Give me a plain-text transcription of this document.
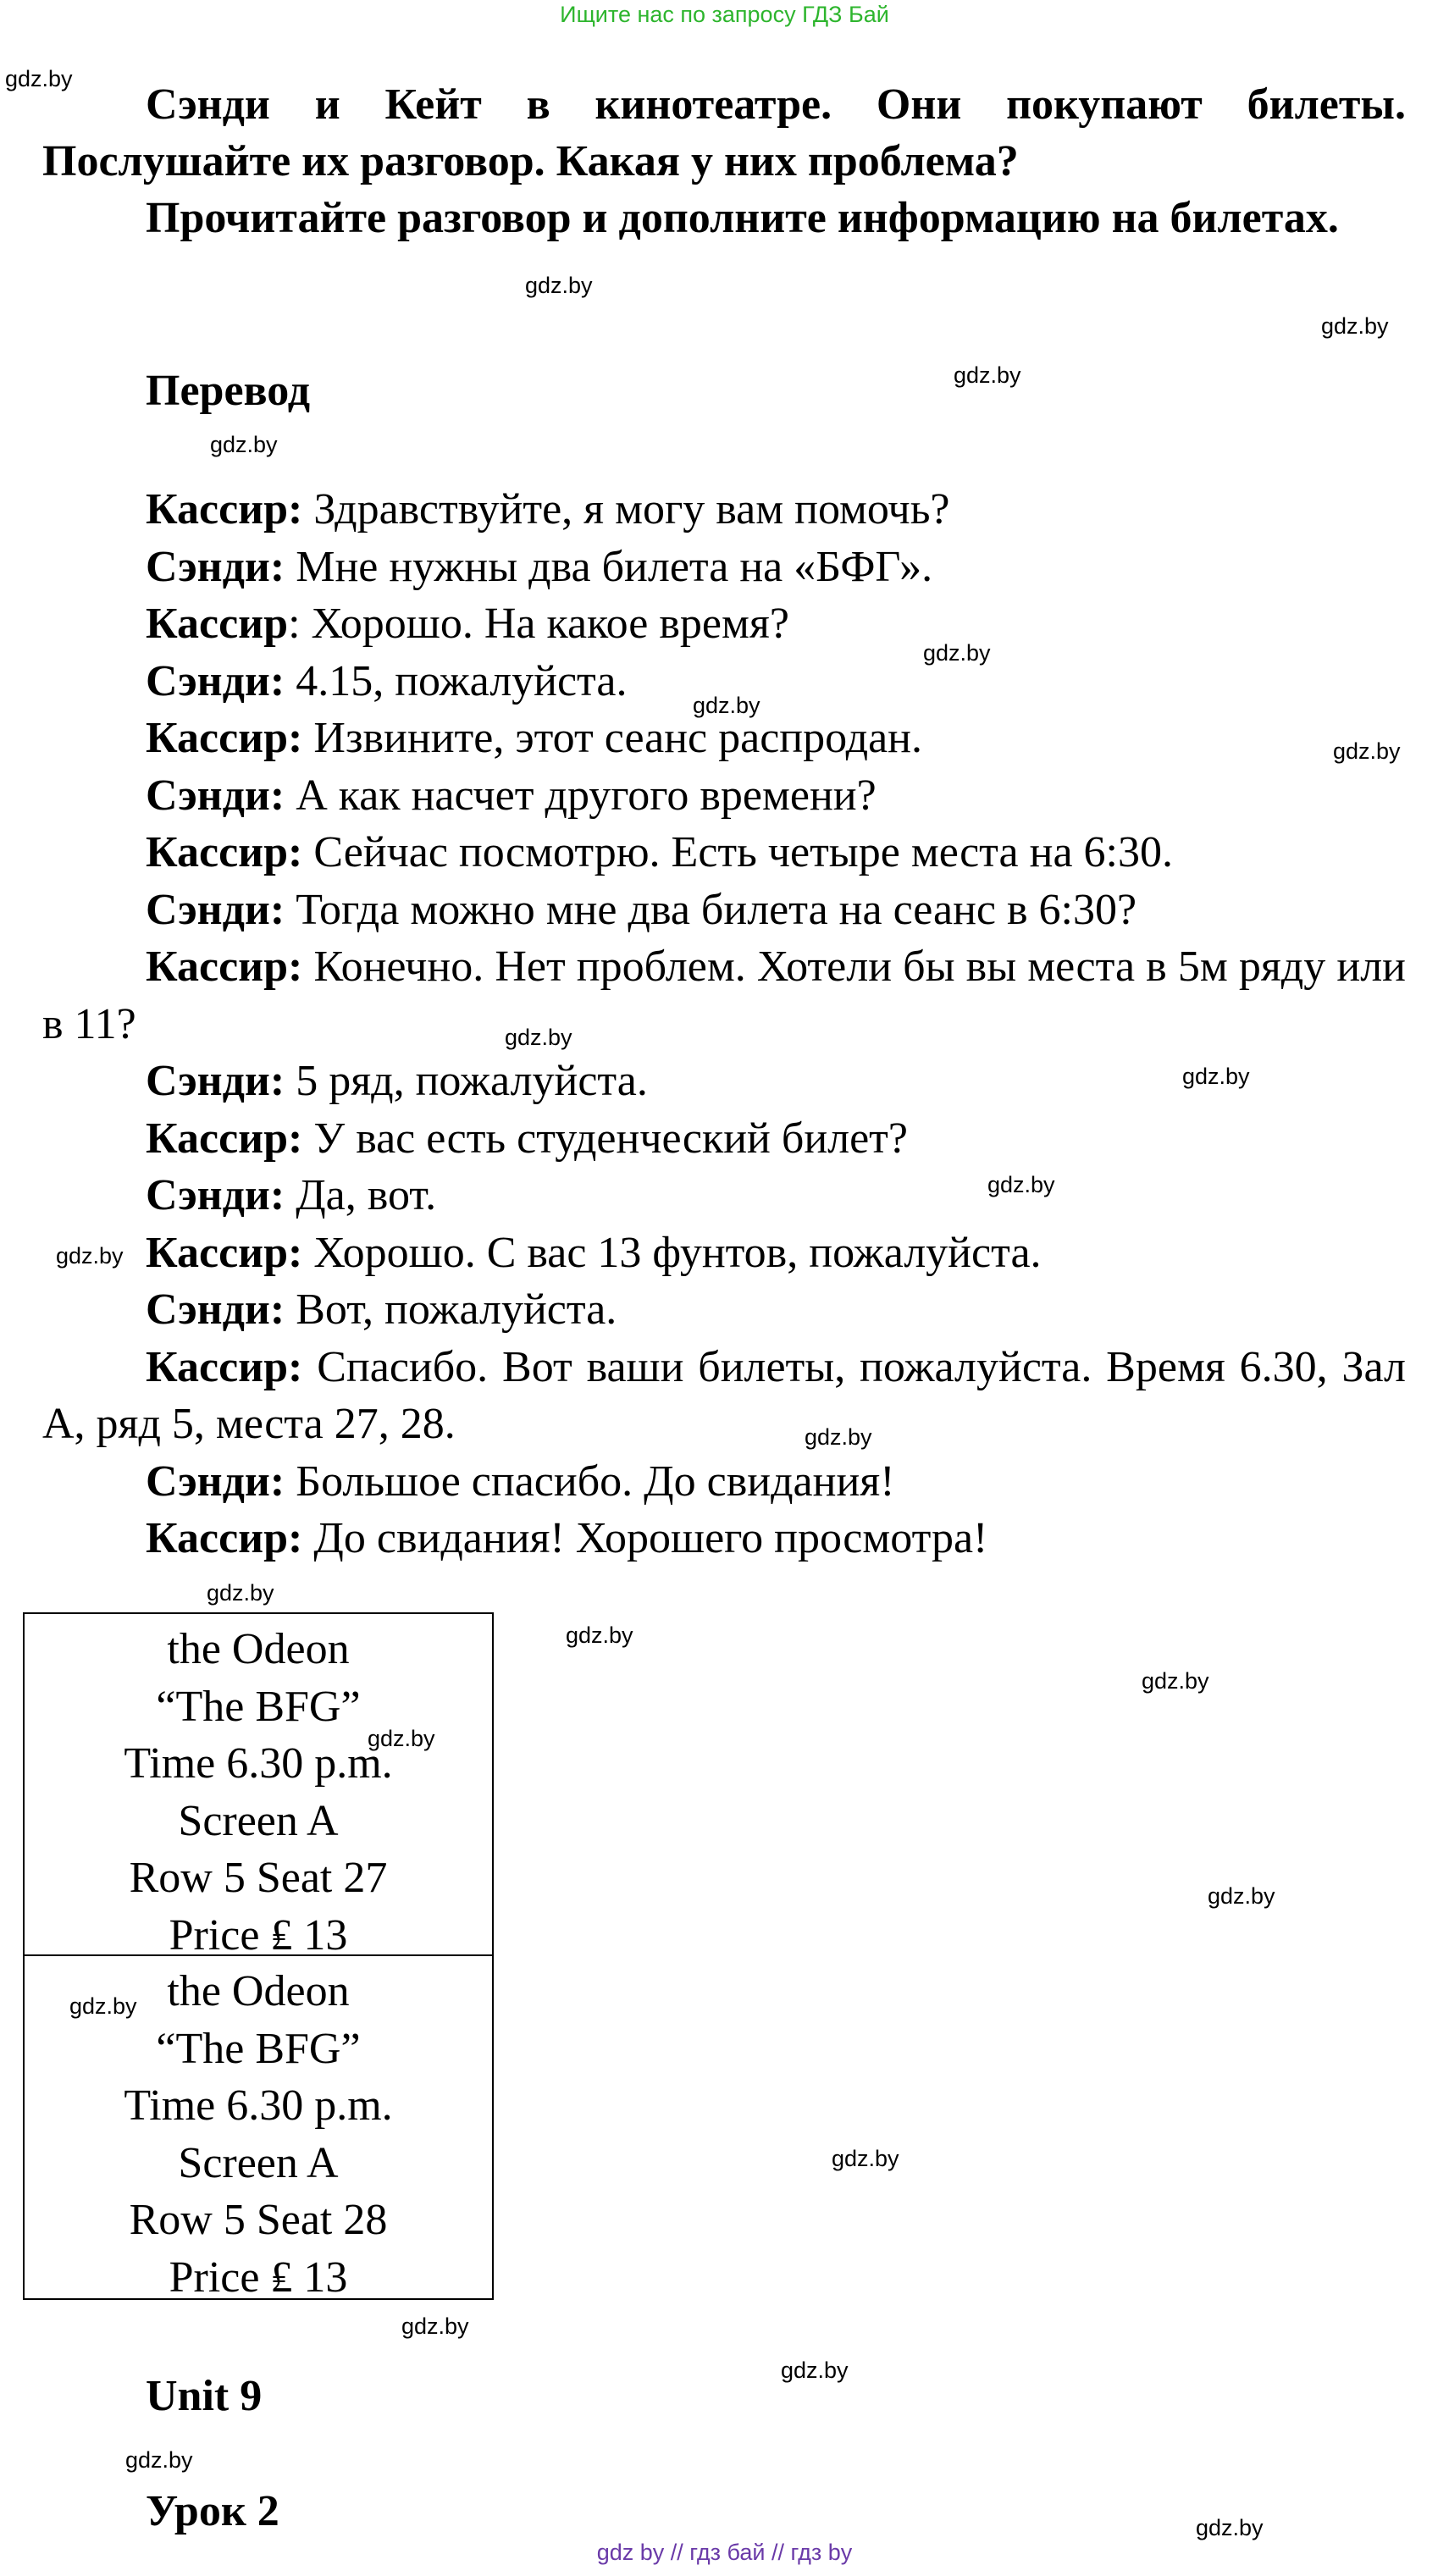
Ищите нас по запросу ГДЗ Бай

Сэнди и Кейт в кинотеатре. Они покупают билеты. Послушайте их разговор. Какая у них проблема?

Прочитайте разговор и дополните информацию на билетах.

Перевод

Кассир: Здравствуйте, я могу вам помочь?

Сэнди: Мне нужны два билета на «БФГ».

Кассир: Хорошо. На какое время?

Сэнди: 4.15, пожалуйста.

Кассир: Извините, этот сеанс распродан.

Сэнди: А как насчет другого времени?

Кассир: Сейчас посмотрю. Есть четыре места на 6:30.

Сэнди: Тогда можно мне два билета на сеанс в 6:30?

Кассир: Конечно. Нет проблем. Хотели бы вы места в 5м ряду или в 11?

Сэнди: 5 ряд, пожалуйста.

Кассир: У вас есть студенческий билет?

Сэнди: Да, вот.

Кассир: Хорошо. С вас 13 фунтов, пожалуйста.

Сэнди: Вот, пожалуйста.

Кассир: Спасибо. Вот ваши билеты, пожалуйста. Время 6.30, Зал А, ряд 5, места 27, 28.

Сэнди: Большое спасибо. До свидания!

Кассир: До свидания! Хорошего просмотра!

the Odeon
“The BFG”
Time 6.30 p.m.
Screen A
Row 5 Seat 27
Price ₤ 13
the Odeon
“The BFG”
Time 6.30 p.m.
Screen A
Row 5 Seat 28
Price ₤ 13
Unit 9
Урок 2
gdz.by
gdz.by
gdz.by
gdz.by
gdz.by
gdz.by
gdz.by
gdz.by
gdz.by
gdz.by
gdz.by
gdz.by
gdz.by
gdz.by
gdz.by
gdz.by
gdz.by
gdz.by
gdz.by
gdz.by
gdz.by
gdz.by
gdz.by
gdz.by
gdz by // гдз бай // гдз by
